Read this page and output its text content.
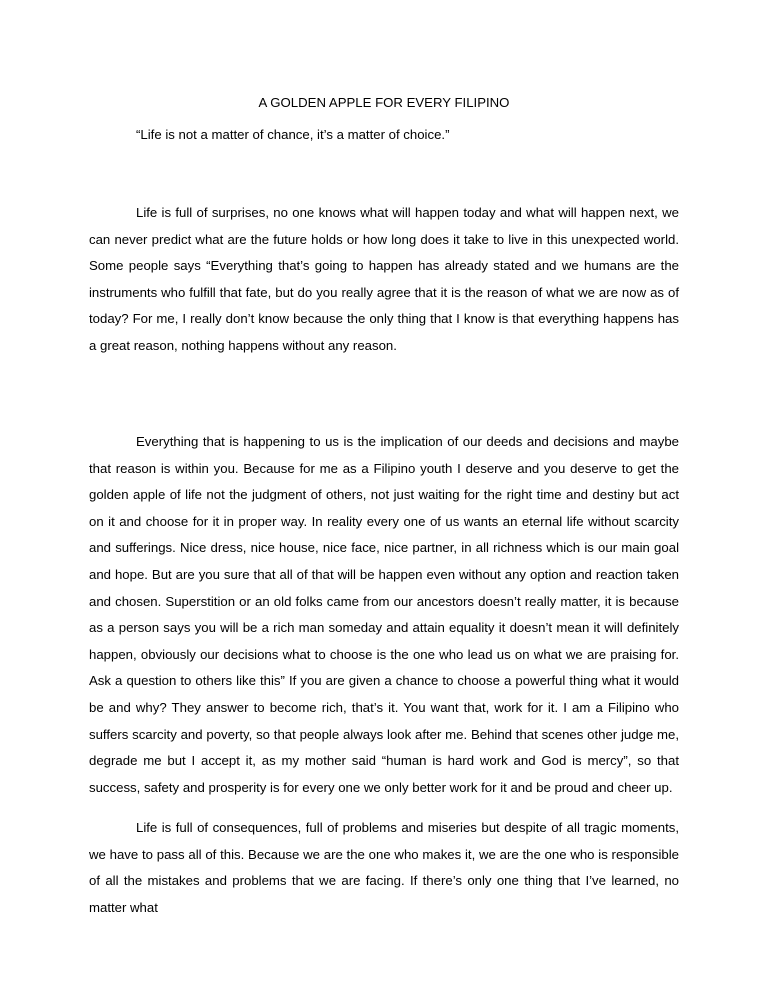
A GOLDEN APPLE FOR EVERY FILIPINO

“Life is not a matter of chance, it’s a matter of choice.”

Life is full of surprises, no one knows what will happen today and what will happen next, we can never predict what are the future holds or how long does it take to live in this unexpected world. Some people says “Everything that’s going to happen has already stated and we humans are the instruments who fulfill that fate, but do you really agree that it is the reason of what we are now as of today? For me, I really don’t know because the only thing that I know is that everything happens has a great reason, nothing happens without any reason.

Everything that is happening to us is the implication of our deeds and decisions and maybe that reason is within you. Because for me as a Filipino youth I deserve and you deserve to get the golden apple of life not the judgment of others, not just waiting for the right time and destiny but act on it and choose for it in proper way. In reality every one of us wants an eternal life without scarcity and sufferings. Nice dress, nice house, nice face, nice partner, in all richness which is our main goal and hope. But are you sure that all of that will be happen even without any option and reaction taken and chosen. Superstition or an old folks came from our ancestors doesn’t really matter, it is because as a person says you will be a rich man someday and attain equality it doesn’t mean it will definitely happen, obviously our decisions what to choose is the one who lead us on what we are praising for. Ask a question to others like this” If you are given a chance to choose a powerful thing what it would be and why? They answer to become rich, that’s it. You want that, work for it. I am a Filipino who suffers scarcity and poverty, so that people always look after me. Behind that scenes other judge me, degrade me but I accept it, as my mother said “human is hard work and God is mercy”, so that success, safety and prosperity is for every one we only better work for it and be proud and cheer up.

Life is full of consequences, full of problems and miseries but despite of all tragic moments, we have to pass all of this. Because we are the one who makes it, we are the one who is responsible of all the mistakes and problems that we are facing. If there’s only one thing that I’ve learned, no matter what
